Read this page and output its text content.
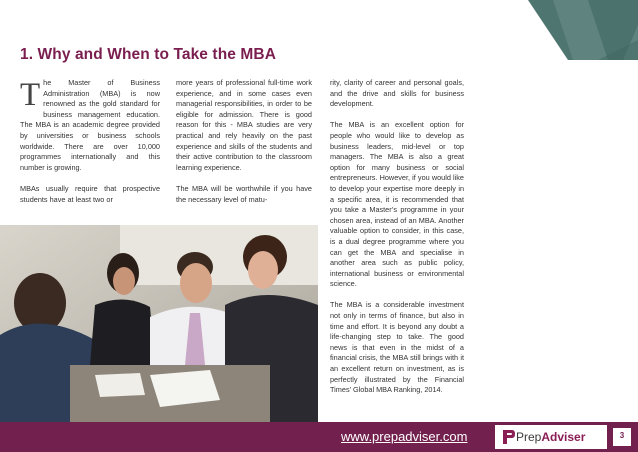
1. Why and When to Take the MBA

The Master of Business Administration (MBA) is now renowned as the gold standard for business management education. The MBA is an academic degree provided by universities or business schools worldwide. There are over 10,000 programmes internationally and this number is growing.

MBAs usually require that prospective students have at least two or

more years of professional full-time work experience, and in some cases even managerial responsibilities, in order to be eligible for admission. There is good reason for this - MBA studies are very practical and rely heavily on the past experience and skills of the students and their active contribution to the classroom learning experience.

The MBA will be worthwhile if you have the necessary level of matu-

rity, clarity of career and personal goals, and the drive and skills for business development.

The MBA is an excellent option for people who would like to develop as business leaders, mid-level or top managers. The MBA is also a great option for many business or social entrepreneurs. However, if you would like to develop your expertise more deeply in a specific area, it is recommended that you take a Master’s programme in your chosen area, instead of an MBA. Another valuable option to consider, in this case, is a dual degree programme where you can get the MBA and specialise in another area such as public policy, international business or environmental science.

The MBA is a considerable investment not only in terms of finance, but also in time and effort. It is beyond any doubt a life-changing step to take. The good news is that even in the midst of a financial crisis, the MBA still brings with it an excellent return on investment, as is perfectly illustrated by the Financial Times’ Global MBA Ranking, 2014.

www.prepadviser.com	PrepAdviser	3
